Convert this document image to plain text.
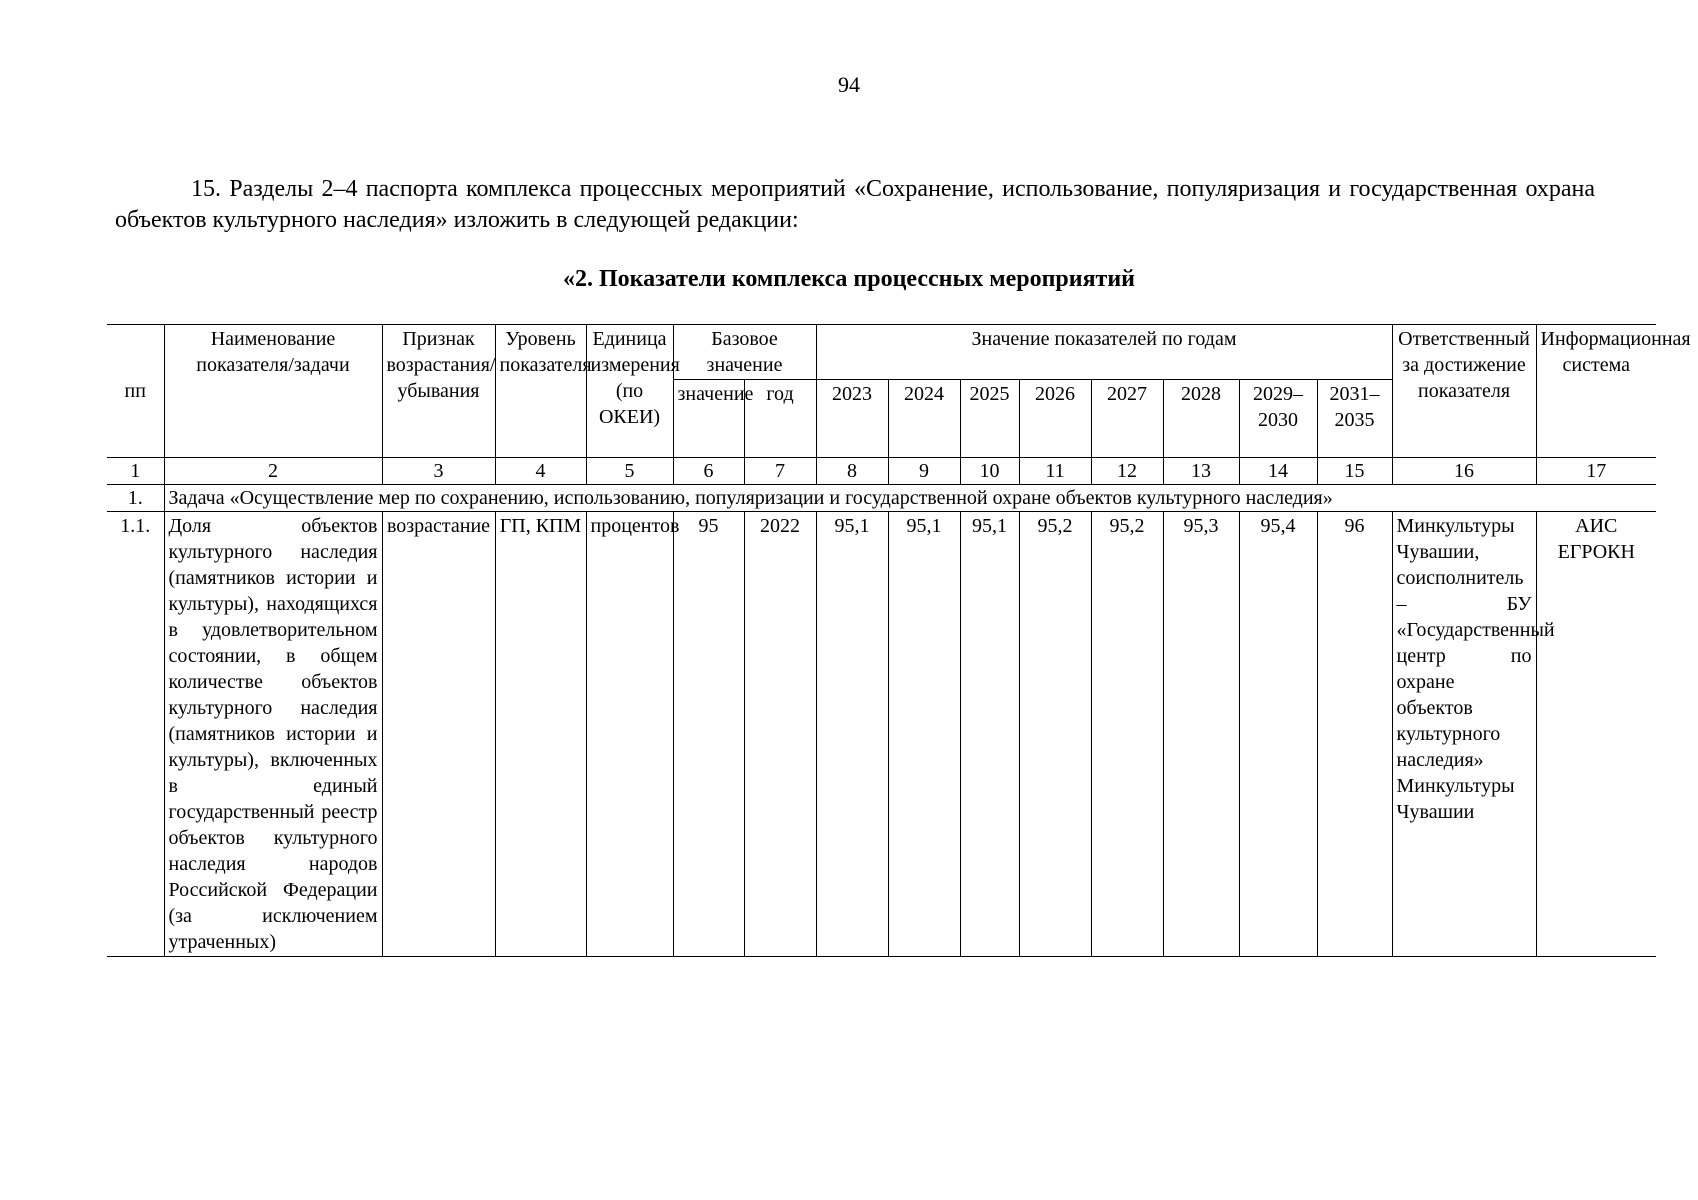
94
15. Разделы 2–4 паспорта комплекса процессных мероприятий «Сохранение, использование, популяризация и государственная охрана объектов культурного наследия» изложить в следующей редакции:
«2. Показатели комплекса процессных мероприятий
пп	Наименование показателя/задачи	Признак возрастания/убывания	Уровень показателя	Единица измерения (по ОКЕИ)	Базовое значение		Значение показателей по годам								Ответственный за достижение показателя	Информационная система

					значение	год	2023	2024	2025	2026	2027	2028	2029–2030	2031–2035		
1	2	3	4	5	6	7	8	9	10	11	12	13	14	15	16	17
1.	Задача «Осуществление мер по сохранению, использованию, популяризации и государственной охране объектов культурного наследия»															
1.1.	Доля объектов культурного наследия (памятников истории и культуры), находящихся в удовлетворительном состоянии, в общем количестве объектов культурного наследия (памятников истории и культуры), включенных в единый государственный реестр объектов культурного наследия народов Российской Федерации (за исключением утраченных)	возрастание	ГП, КПМ	процентов	95	2022	95,1	95,1	95,1	95,2	95,2	95,3	95,4	96	Минкультуры Чувашии, соисполнитель – БУ «Государственный центр по охране объектов культурного наследия» Минкультуры Чувашии	АИС ЕГРОКН
